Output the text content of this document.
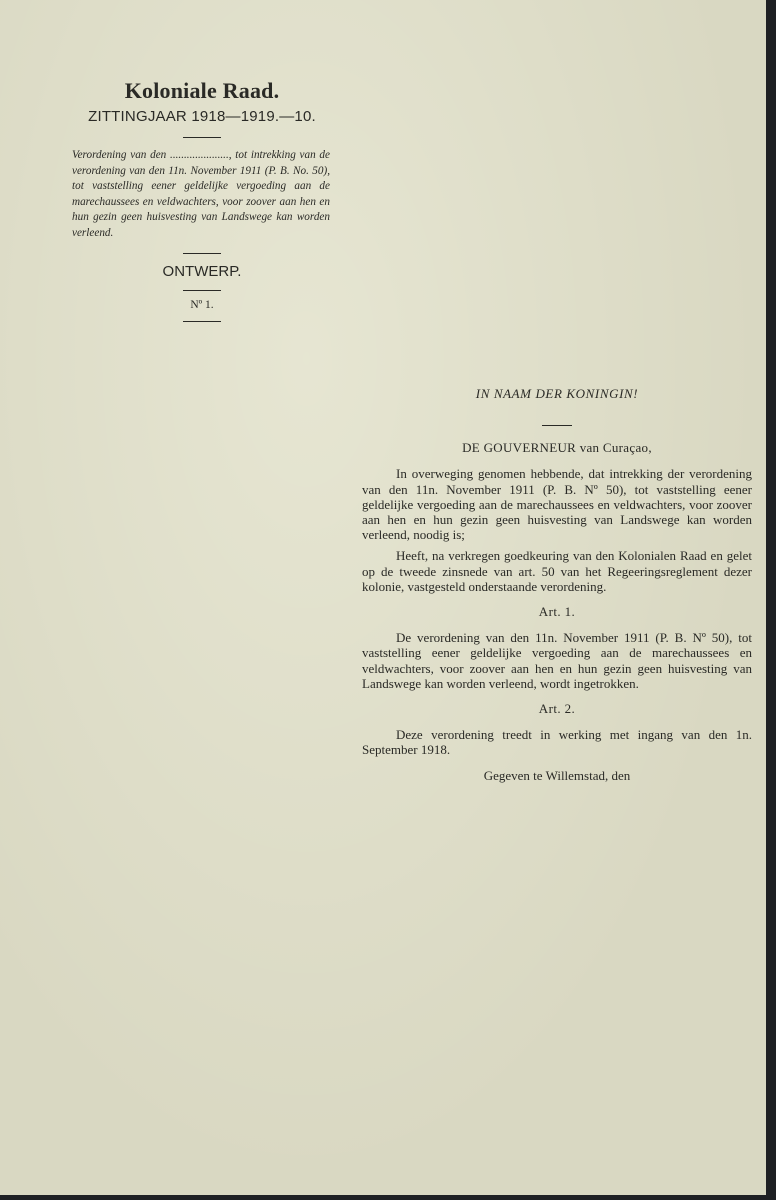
Koloniale Raad.
ZITTINGJAAR 1918—1919.—10.
Verordening van den ....................., tot intrekking van de verordening van den 11n. November 1911 (P. B. No. 50), tot vaststelling eener geldelijke vergoeding aan de marechaussees en veldwachters, voor zoover aan hen en hun gezin geen huisvesting van Landswege kan worden verleend.
ONTWERP.
Nº 1.
IN NAAM DER KONINGIN!
DE GOUVERNEUR van Curaçao,
In overweging genomen hebbende, dat intrekking der verordening van den 11n. November 1911 (P. B. Nº 50), tot vaststelling eener geldelijke vergoeding aan de marechaussees en veldwachters, voor zoover aan hen en hun gezin geen huisvesting van Landswege kan worden verleend, noodig is;
Heeft, na verkregen goedkeuring van den Kolonialen Raad en gelet op de tweede zinsnede van art. 50 van het Regeeringsreglement dezer kolonie, vastgesteld onderstaande verordening.
Art. 1.
De verordening van den 11n. November 1911 (P. B. Nº 50), tot vaststelling eener geldelijke vergoeding aan de marechaussees en veldwachters, voor zoover aan hen en hun gezin geen huisvesting van Landswege kan worden verleend, wordt ingetrokken.
Art. 2.
Deze verordening treedt in werking met ingang van den 1n. September 1918.
Gegeven te Willemstad, den
